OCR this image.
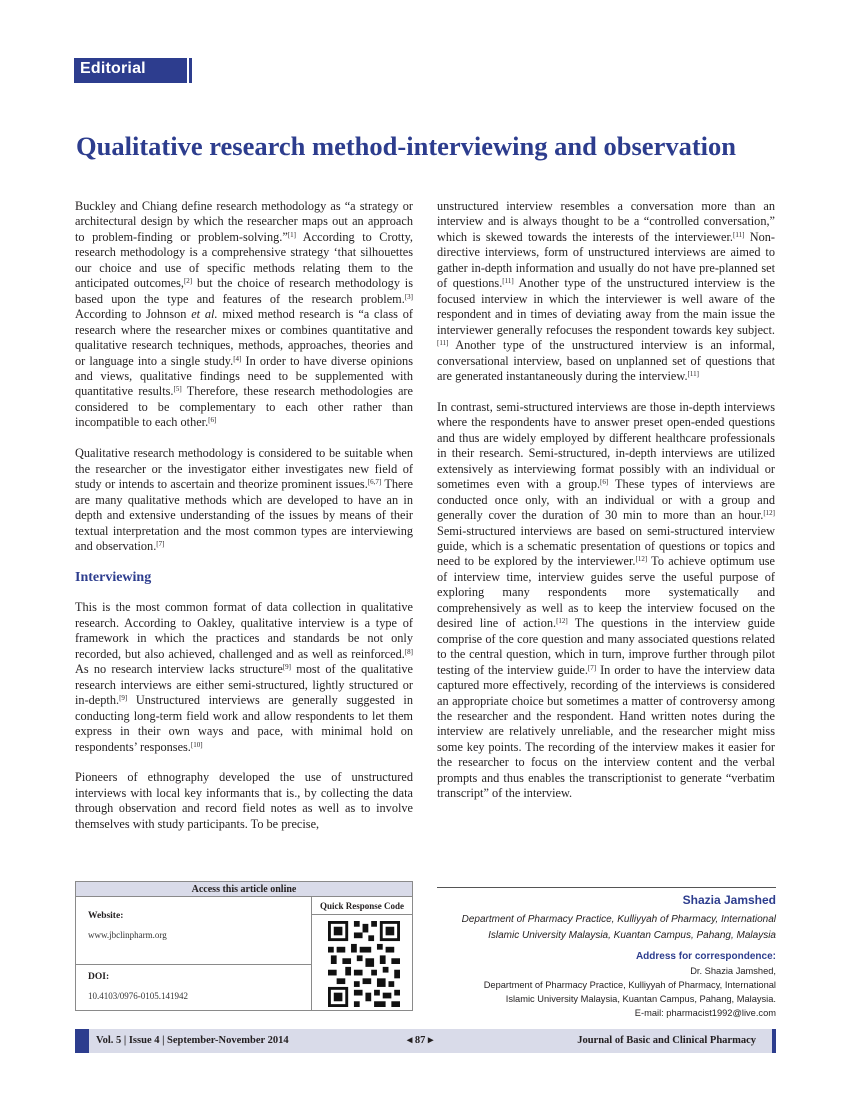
Editorial
Qualitative research method-interviewing and observation

Buckley and Chiang define research methodology as “a strategy or architectural design by which the researcher maps out an approach to problem-finding or problem-solving.”[1] According to Crotty, research methodology is a comprehensive strategy ‘that silhouettes our choice and use of specific methods relating them to the anticipated outcomes,[2] but the choice of research methodology is based upon the type and features of the research problem.[3] According to Johnson et al. mixed method research is “a class of research where the researcher mixes or combines quantitative and qualitative research techniques, methods, approaches, theories and or language into a single study.[4] In order to have diverse opinions and views, qualitative findings need to be supplemented with quantitative results.[5] Therefore, these research methodologies are considered to be complementary to each other rather than incompatible to each other.[6]

Qualitative research methodology is considered to be suitable when the researcher or the investigator either investigates new field of study or intends to ascertain and theorize prominent issues.[6,7] There are many qualitative methods which are developed to have an in depth and extensive understanding of the issues by means of their textual interpretation and the most common types are interviewing and observation.[7]

Interviewing

This is the most common format of data collection in qualitative research. According to Oakley, qualitative interview is a type of framework in which the practices and standards be not only recorded, but also achieved, challenged and as well as reinforced.[8] As no research interview lacks structure[9] most of the qualitative research interviews are either semi-structured, lightly structured or in-depth.[9] Unstructured interviews are generally suggested in conducting long-term field work and allow respondents to let them express in their own ways and pace, with minimal hold on respondents’ responses.[10]

Pioneers of ethnography developed the use of unstructured interviews with local key informants that is., by collecting the data through observation and record field notes as well as to involve themselves with study participants. To be precise,

unstructured interview resembles a conversation more than an interview and is always thought to be a “controlled conversation,” which is skewed towards the interests of the interviewer.[11] Non-directive interviews, form of unstructured interviews are aimed to gather in-depth information and usually do not have pre-planned set of questions.[11] Another type of the unstructured interview is the focused interview in which the interviewer is well aware of the respondent and in times of deviating away from the main issue the interviewer generally refocuses the respondent towards key subject.[11] Another type of the unstructured interview is an informal, conversational interview, based on unplanned set of questions that are generated instantaneously during the interview.[11]

In contrast, semi-structured interviews are those in-depth interviews where the respondents have to answer preset open-ended questions and thus are widely employed by different healthcare professionals in their research. Semi-structured, in-depth interviews are utilized extensively as interviewing format possibly with an individual or sometimes even with a group.[6] These types of interviews are conducted once only, with an individual or with a group and generally cover the duration of 30 min to more than an hour.[12] Semi-structured interviews are based on semi-structured interview guide, which is a schematic presentation of questions or topics and need to be explored by the interviewer.[12] To achieve optimum use of interview time, interview guides serve the useful purpose of exploring many respondents more systematically and comprehensively as well as to keep the interview focused on the desired line of action.[12] The questions in the interview guide comprise of the core question and many associated questions related to the central question, which in turn, improve further through pilot testing of the interview guide.[7] In order to have the interview data captured more effectively, recording of the interviews is considered an appropriate choice but sometimes a matter of controversy among the researcher and the respondent. Hand written notes during the interview are relatively unreliable, and the researcher might miss some key points. The recording of the interview makes it easier for the researcher to focus on the interview content and the verbal prompts and thus enables the transcriptionist to generate “verbatim transcript” of the interview.

Access this article online
Website:
www.jbclinpharm.org
DOI:
10.4103/0976-0105.141942
Quick Response Code	Shazia Jamshed
Department of Pharmacy Practice, Kulliyyah of Pharmacy, International
Islamic University Malaysia, Kuantan Campus, Pahang, Malaysia
Address for correspondence:
Dr. Shazia Jamshed,
Department of Pharmacy Practice, Kulliyyah of Pharmacy, International
Islamic University Malaysia, Kuantan Campus, Pahang, Malaysia.
E-mail: pharmacist1992@live.com
Vol. 5 | Issue 4 | September-November 2014	◂ 87 ▸	Journal of Basic and Clinical Pharmacy
